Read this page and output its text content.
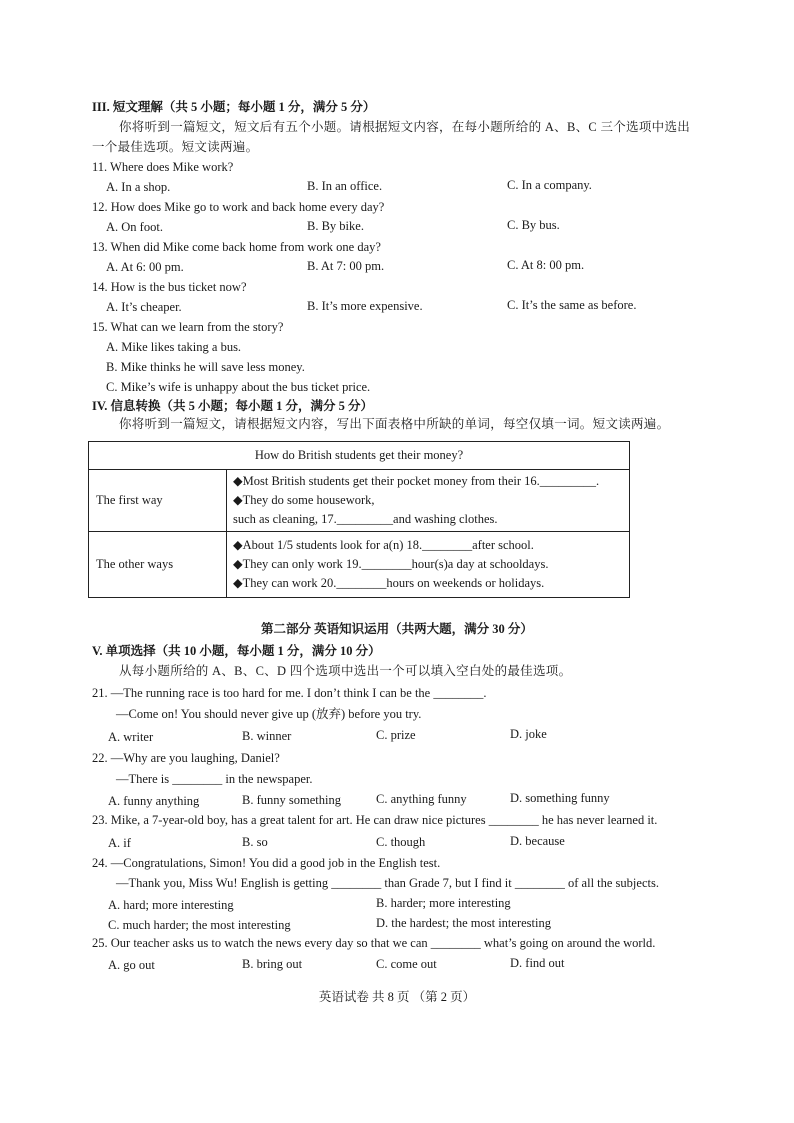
III. 短文理解（共 5 小题；每小题 1 分，满分 5 分）
你将听到一篇短文，短文后有五个小题。请根据短文内容，在每小题所给的 A、B、C 三个选项中选出
一个最佳选项。短文读两遍。
11. Where does Mike work?
A. In a shop.	B. In an office.	C. In a company.
12. How does Mike go to work and back home every day?
A. On foot.	B. By bike.	C. By bus.
13. When did Mike come back home from work one day?
A. At 6: 00 pm.	B. At 7: 00 pm.	C. At 8: 00 pm.
14. How is the bus ticket now?
A. It’s cheaper.	B. It’s more expensive.	C. It’s the same as before.
15. What can we learn from the story?
A. Mike likes taking a bus.
B. Mike thinks he will save less money.
C. Mike’s wife is unhappy about the bus ticket price.
IV. 信息转换（共 5 小题；每小题 1 分，满分 5 分）
你将听到一篇短文，请根据短文内容，写出下面表格中所缺的单词，每空仅填一词。短文读两遍。
How do British students get their money?	
The first way	◆Most British students get their pocket money from their 16._________.
◆They do some housework,
such as cleaning, 17._________and washing clothes.

The other ways	◆About 1/5 students look for a(n) 18.________after school.
◆They can only work 19.________hour(s)a day at schooldays.
◆They can work 20.________hours on weekends or holidays.
第二部分 英语知识运用（共两大题，满分 30 分）
V. 单项选择（共 10 小题，每小题 1 分，满分 10 分）
从每小题所给的 A、B、C、D 四个选项中选出一个可以填入空白处的最佳选项。
21. —The running race is too hard for me. I don’t think I can be the ________.
—Come on! You should never give up (放弃) before you try.
A. writer	B. winner	C. prize	D. joke
22. —Why are you laughing, Daniel?
—There is ________ in the newspaper.
A. funny anything	B. funny something	C. anything funny	D. something funny
23. Mike, a 7-year-old boy, has a great talent for art. He can draw nice pictures ________ he has never learned it.
A. if	B. so	C. though	D. because
24. —Congratulations, Simon! You did a good job in the English test.
—Thank you, Miss Wu! English is getting ________ than Grade 7, but I find it ________ of all the subjects.
A. hard; more interesting	B. harder; more interesting
C. much harder; the most interesting	D. the hardest; the most interesting
25. Our teacher asks us to watch the news every day so that we can ________ what’s going on around the world.
A. go out	B. bring out	C. come out	D. find out
英语试卷 共 8 页 （第 2 页）
